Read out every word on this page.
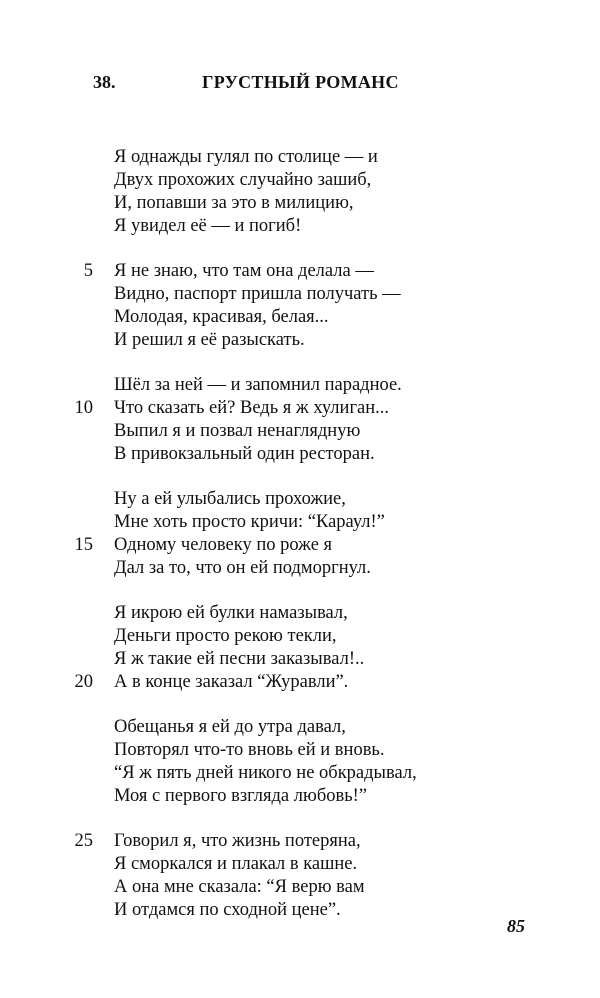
38.	ГРУСТНЫЙ РОМАНС
Я однажды гулял по столице — и
Двух прохожих случайно зашиб,
И, попавши за это в милицию,
Я увидел её — и погиб!
5 Я не знаю, что там она делала —
Видно, паспорт пришла получать —
Молодая, красивая, белая...
И решил я её разыскать.
Шёл за ней — и запомнил парадное.
10 Что сказать ей? Ведь я ж хулиган...
Выпил я и позвал ненаглядную
В привокзальный один ресторан.
Ну а ей улыбались прохожие,
Мне хоть просто кричи: “Караул!”
15 Одному человеку по роже я
Дал за то, что он ей подморгнул.
Я икрою ей булки намазывал,
Деньги просто рекою текли,
Я ж такие ей песни заказывал!..
20 А в конце заказал “Журавли”.
Обещанья я ей до утра давал,
Повторял что-то вновь ей и вновь.
“Я ж пять дней никого не обкрадывал,
Моя с первого взгляда любовь!”
25 Говорил я, что жизнь потеряна,
Я сморкался и плакал в кашне.
А она мне сказала: “Я верю вам
И отдамся по сходной цене”.
85
